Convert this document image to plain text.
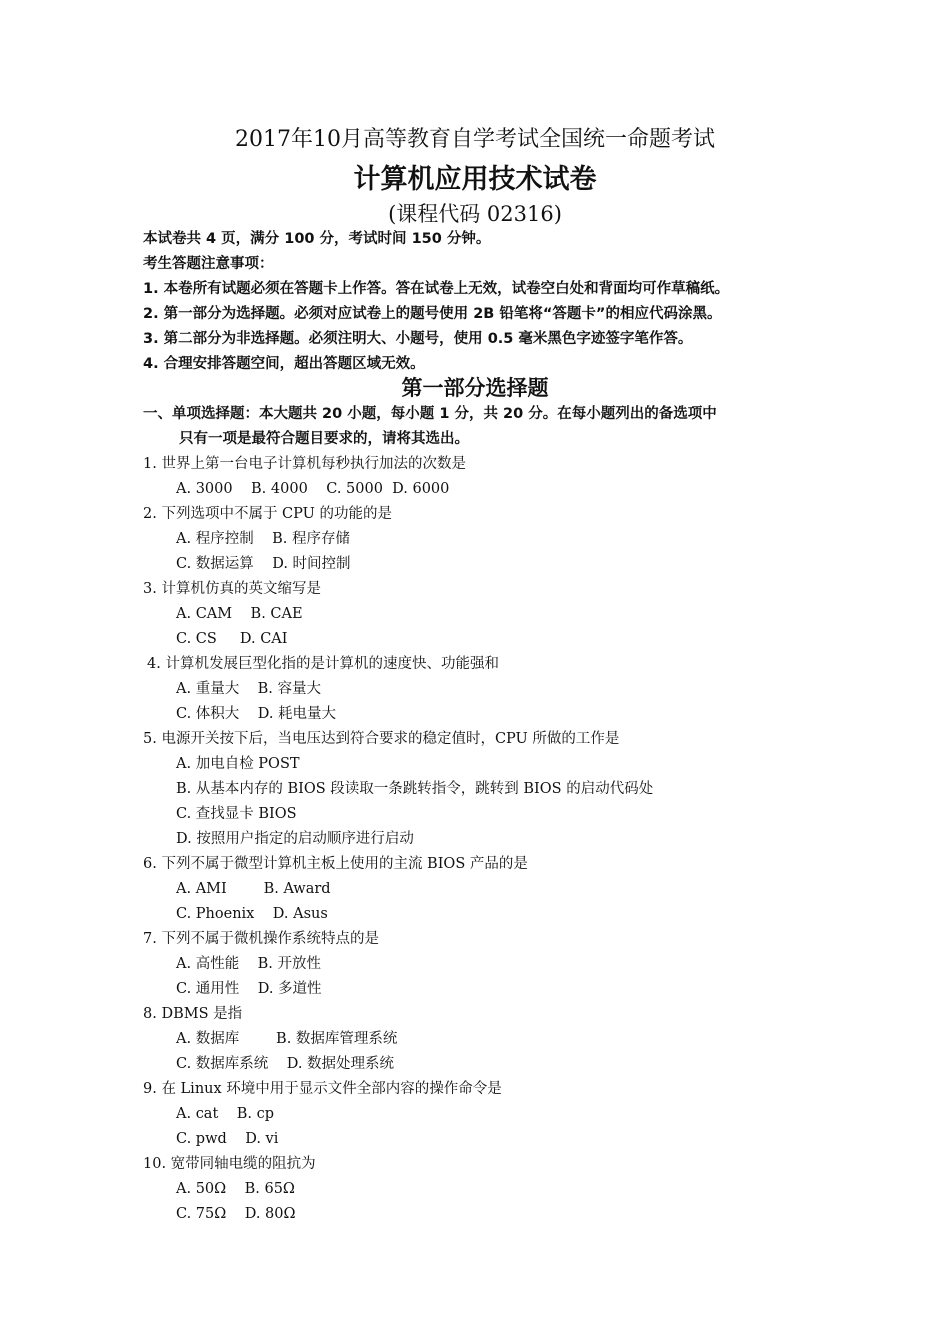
2017年10月高等教育自学考试全国统一命题考试
计算机应用技术试卷
(课程代码 02316)
本试卷共 4 页，满分 100 分，考试时间 150 分钟。
考生答题注意事项：
1. 本卷所有试题必须在答题卡上作答。答在试卷上无效，试卷空白处和背面均可作草稿纸。
2. 第一部分为选择题。必须对应试卷上的题号使用 2B 铅笔将“答题卡”的相应代码涂黑。
3. 第二部分为非选择题。必须注明大、小题号，使用 0.5 毫米黑色字迹签字笔作答。
4. 合理安排答题空间，超出答题区域无效。
第一部分选择题
一、单项选择题：本大题共 20 小题，每小题 1 分，共 20 分。在每小题列出的备选项中
只有一项是最符合题目要求的，请将其选出。
1. 世界上第一台电子计算机每秒执行加法的次数是
A. 3000    B. 4000    C. 5000  D. 6000
2. 下列选项中不属于 CPU 的功能的是
A. 程序控制    B. 程序存储
C. 数据运算    D. 时间控制
3. 计算机仿真的英文缩写是
A. CAM    B. CAE
C. CS     D. CAI
4. 计算机发展巨型化指的是计算机的速度快、功能强和
A. 重量大    B. 容量大
C. 体积大    D. 耗电量大
5. 电源开关按下后，当电压达到符合要求的稳定值时，CPU 所做的工作是
A. 加电自检 POST
B. 从基本内存的 BIOS 段读取一条跳转指令，跳转到 BIOS 的启动代码处
C. 查找显卡 BIOS
D. 按照用户指定的启动顺序进行启动
6. 下列不属于微型计算机主板上使用的主流 BIOS 产品的是
A. AMI        B. Award
C. Phoenix    D. Asus
7. 下列不属于微机操作系统特点的是
A. 高性能    B. 开放性
C. 通用性    D. 多道性
8. DBMS 是指
A. 数据库        B. 数据库管理系统
C. 数据库系统    D. 数据处理系统
9. 在 Linux 环境中用于显示文件全部内容的操作命令是
A. cat    B. cp
C. pwd    D. vi
10. 宽带同轴电缆的阻抗为
A. 50Ω    B. 65Ω
C. 75Ω    D. 80Ω
